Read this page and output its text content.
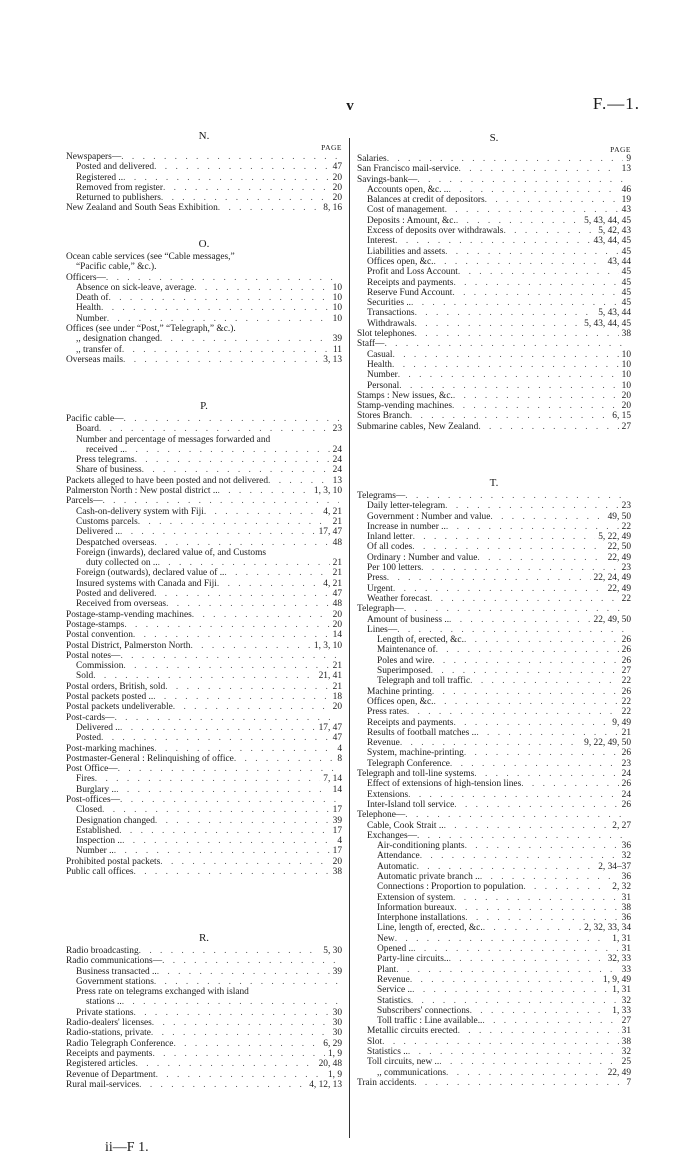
v	F.—1.
N.
PAGE
Newspapers—
. . .
Posted and delivered . . .	47
Registered .. . . .	20
Removed from register . . .	20
Returned to publishers . . .	20
New Zealand and South Seas Exhibition . . .	8, 16
O.
Ocean cable services (see “Cable messages,”
“Pacific cable,” &c.).
Officers—
. . .
Absence on sick-leave, average . . .	10
Death of . . .	10
Health . . .	10
Number . . .	10
Offices (see under “Post,” “Telegraph,” &c.).
,, designation changed . . .	39
,, transfer of . . .	11
Overseas mails . . .	3, 13
P.
Pacific cable—
. . .
Board . . .	23
Number and percentage of messages forwarded and
received .. . . .	24
Press telegrams . . .	24
Share of business . . .	24
Packets alleged to have been posted and not delivered . . .	13
Palmerston North : New postal district .. . . .	1, 3, 10
Parcels—
. . .
Cash-on-delivery system with Fiji . . .	4, 21
Customs parcels . . .	21
Delivered .. . . .	17, 47
Despatched overseas . . .	48
Foreign (inwards), declared value of, and Customs
duty collected on .. . . .	21
Foreign (outwards), declared value of .. . . .	21
Insured systems with Canada and Fiji . . .	4, 21
Posted and delivered . . .	47
Received from overseas . . .	48
Postage-stamp-vending machines . . .	20
Postage-stamps . . .	20
Postal convention . . .	14
Postal District, Palmerston North . . .	1, 3, 10
Postal notes—
. . .
Commission . . .	21
Sold . . .	21, 41
Postal orders, British, sold . . .	21
Postal packets posted .. . . .	18
Postal packets undeliverable . . .	20
Post-cards—
. . .
Delivered .. . . .	17, 47
Posted . . .	47
Post-marking machines . . .	4
Postmaster-General : Relinquishing of office . . .	8
Post Office—
. . .
Fires . . .	7, 14
Burglary .. . . .	14
Post-offices—
. . .
Closed . . .	17
Designation changed . . .	39
Established . . .	17
Inspection .. . . .	4
Number .. . . .	17
Prohibited postal packets . . .	20
Public call offices . . .	38
R.
Radio broadcasting . . .	5, 30
Radio communications—
. . .
Business transacted .. . . .	39
Government stations
. . .
Press rate on telegrams exchanged with island
stations ..
. . .
Private stations . . .	30
Radio-dealers' licenses . . .	30
Radio-stations, private . . .	30
Radio Telegraph Conference . . .	6, 29
Receipts and payments . . .	1, 9
Registered articles . . .	20, 48
Revenue of Department . . .	1, 9
Rural mail-services . . .	4, 12, 13
S.
PAGE
Salaries . . .	9
San Francisco mail-service . . .	13
Savings-bank—
. . .
Accounts open, &c. .. . . .	46
Balances at credit of depositors . . .	19
Cost of management . . .	43
Deposits : Amount, &c. . . .	5, 43, 44, 45
Excess of deposits over withdrawals . . .	5, 42, 43
Interest . . .	43, 44, 45
Liabilities and assets . . .	45
Offices open, &c. . . .	43, 44
Profit and Loss Account . . .	45
Receipts and payments . . .	45
Reserve Fund Account . . .	45
Securities .. . . .	45
Transactions . . .	5, 43, 44
Withdrawals . . .	5, 43, 44, 45
Slot telephones . . .	38
Staff—
. . .
Casual . . .	10
Health . . .	10
Number . . .	10
Personal . . .	10
Stamps : New issues, &c. . . .	20
Stamp-vending machines . . .	20
Stores Branch . . .	6, 15
Submarine cables, New Zealand . . .	27
T.
Telegrams—
. . .
Daily letter-telegram . . .	23
Government : Number and value . . .	49, 50
Increase in number .. . . .	22
Inland letter . . .	5, 22, 49
Of all codes . . .	22, 50
Ordinary : Number and value . . .	22, 49
Per 100 letters . . .	23
Press . . .	22, 24, 49
Urgent . . .	22, 49
Weather forecast . . .	22
Telegraph—
. . .
Amount of business .. . . .	22, 49, 50
Lines—
. . .
Length of, erected, &c. . . .	26
Maintenance of . . .	26
Poles and wire . . .	26
Superimposed . . .	27
Telegraph and toll traffic . . .	22
Machine printing . . .	26
Offices open, &c. . . .	22
Press rates . . .	22
Receipts and payments . . .	9, 49
Results of football matches .. . . .	21
Revenue . . .	9, 22, 49, 50
System, machine-printing . . .	26
Telegraph Conference . . .	23
Telegraph and toll-line systems . . .	24
Effect of extensions of high-tension lines . . .	26
Extensions . . .	24
Inter-Island toll service . . .	26
Telephone—
. . .
Cable, Cook Strait .. . . .	2, 27
Exchanges—
. . .
Air-conditioning plants . . .	36
Attendance . . .	32
Automatic . . .	2, 34–37
Automatic private branch .. . . .	36
Connections : Proportion to population . . .	2, 32
Extension of system . . .	31
Information bureaux . . .	38
Interphone installations . . .	36
Line, length of, erected, &c. . . .	2, 32, 33, 34
New . . .	1, 31
Opened .. . . .	31
Party-line circuits.. . . .	32, 33
Plant . . .	33
Revenue . . .	1, 9, 49
Service .. . . .	1, 31
Statistics . . .	32
Subscribers' connections . . .	1, 33
Toll traffic : Line available.. . . .	27
Metallic circuits erected . . .	31
Slot . . .	38
Statistics .. . . .	32
Toll circuits, new .. . . .	25
,, communications . . .	22, 49
Train accidents . . .	7
ii—F 1.
